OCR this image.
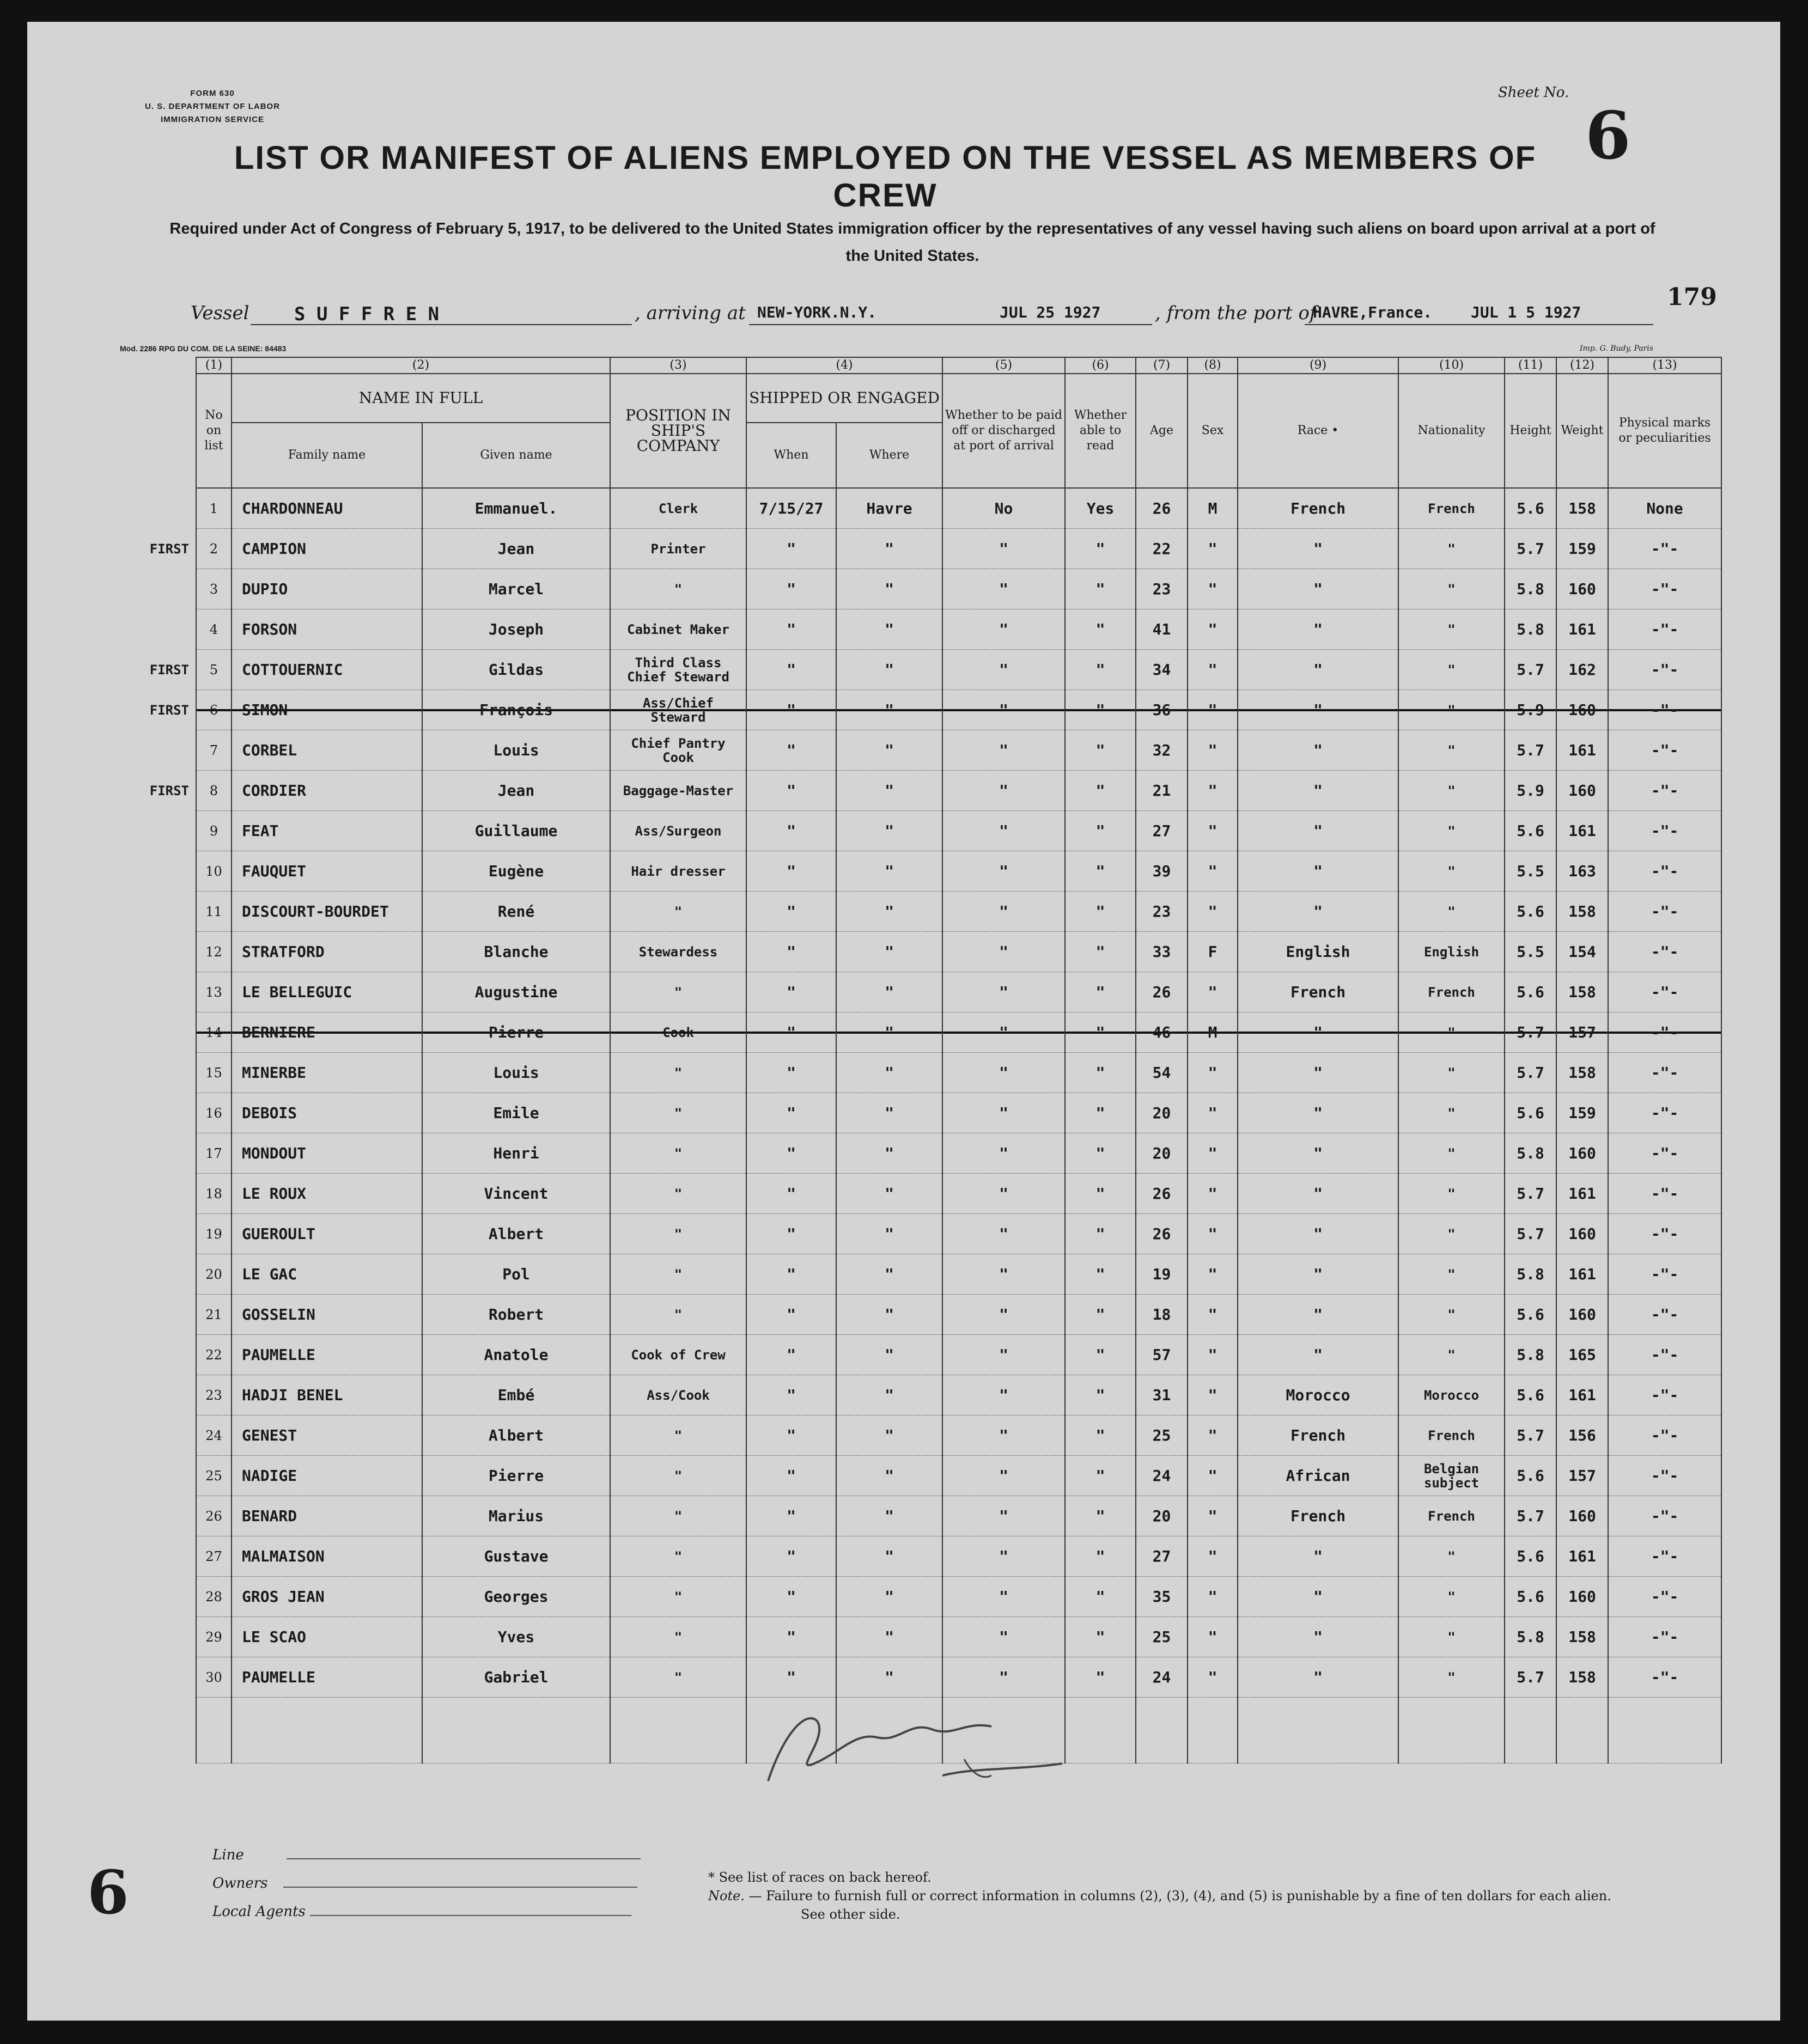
FORM 630
U. S. DEPARTMENT OF LABOR
IMMIGRATION SERVICE
Sheet No.
6
LIST OR MANIFEST OF ALIENS EMPLOYED ON THE VESSEL AS MEMBERS OF CREW
Required under Act of Congress of February 5, 1917, to be delivered to the United States immigration officer by the representatives of any vessel having such aliens on board upon arrival at a port of the United States.
179
Vessel S U F F R E N	, arriving at NEW-YORK.N.Y.	JUL 25 1927	, from the port of
HAVRE,France.	JUL 1 5 1927
Mod. 2286 RPG DU COM. DE LA SEINE: 84483	Imp. G. Budy, Paris

	(1)	(2)		(3)	(4)		(5)	(6)	(7)	(8)	(9)	(10)	(11)	(12)	(13)

	No on list	NAME IN FULL		POSITION IN SHIP'S COMPANY	SHIPPED OR ENGAGED		Whether to be paid off or discharged at port of arrival	Whether able to read	Age	Sex	Race •	Nationality	Height	Weight	Physical marks or peculiarities
		Family name	Given name		When	Where									
	1	CHARDONNEAU	Emmanuel.	Clerk	7/15/27	Havre	No	Yes	26	M	French	French	5.6	158	None
FIRST	2	CAMPION	Jean	Printer	"	"	"	"	22	"	"	"	5.7	159	-"-
	3	DUPIO	Marcel	"	"	"	"	"	23	"	"	"	5.8	160	-"-
	4	FORSON	Joseph	Cabinet Maker	"	"	"	"	41	"	"	"	5.8	161	-"-
FIRST	5	COTTOUERNIC	Gildas	Third Class Chief Steward	"	"	"	"	34	"	"	"	5.7	162	-"-
FIRST	6	SIMON	François	Ass/Chief Steward	"	"	"	"	36	"	"	"	5.9	160	-"-
	7	CORBEL	Louis	Chief Pantry Cook	"	"	"	"	32	"	"	"	5.7	161	-"-
FIRST	8	CORDIER	Jean	Baggage-Master	"	"	"	"	21	"	"	"	5.9	160	-"-
	9	FEAT	Guillaume	Ass/Surgeon	"	"	"	"	27	"	"	"	5.6	161	-"-
	10	FAUQUET	Eugène	Hair dresser	"	"	"	"	39	"	"	"	5.5	163	-"-
	11	DISCOURT-BOURDET	René	"	"	"	"	"	23	"	"	"	5.6	158	-"-
	12	STRATFORD	Blanche	Stewardess	"	"	"	"	33	F	English	English	5.5	154	-"-
	13	LE BELLEGUIC	Augustine	"	"	"	"	"	26	"	French	French	5.6	158	-"-
	14	BERNIERE	Pierre	Cook	"	"	"	"	46	M	"	"	5.7	157	-"-
	15	MINERBE	Louis	"	"	"	"	"	54	"	"	"	5.7	158	-"-
	16	DEBOIS	Emile	"	"	"	"	"	20	"	"	"	5.6	159	-"-
	17	MONDOUT	Henri	"	"	"	"	"	20	"	"	"	5.8	160	-"-
	18	LE ROUX	Vincent	"	"	"	"	"	26	"	"	"	5.7	161	-"-
	19	GUEROULT	Albert	"	"	"	"	"	26	"	"	"	5.7	160	-"-
	20	LE GAC	Pol	"	"	"	"	"	19	"	"	"	5.8	161	-"-
	21	GOSSELIN	Robert	"	"	"	"	"	18	"	"	"	5.6	160	-"-
	22	PAUMELLE	Anatole	Cook of Crew	"	"	"	"	57	"	"	"	5.8	165	-"-
	23	HADJI BENEL	Embé	Ass/Cook	"	"	"	"	31	"	Morocco	Morocco	5.6	161	-"-
	24	GENEST	Albert	"	"	"	"	"	25	"	French	French	5.7	156	-"-
	25	NADIGE	Pierre	"	"	"	"	"	24	"	African	Belgian subject	5.6	157	-"-
	26	BENARD	Marius	"	"	"	"	"	20	"	French	French	5.7	160	-"-
	27	MALMAISON	Gustave	"	"	"	"	"	27	"	"	"	5.6	161	-"-
	28	GROS JEAN	Georges	"	"	"	"	"	35	"	"	"	5.6	160	-"-
	29	LE SCAO	Yves	"	"	"	"	"	25	"	"	"	5.8	158	-"-
	30	PAUMELLE	Gabriel	"	"	"	"	"	24	"	"	"	5.7	158	-"-

Line
Owners
Local Agents
* See list of races on back hereof.
Note. — Failure to furnish full or correct information in columns (2), (3), (4), and (5) is punishable by a fine of ten dollars for each alien.
See other side.
6
